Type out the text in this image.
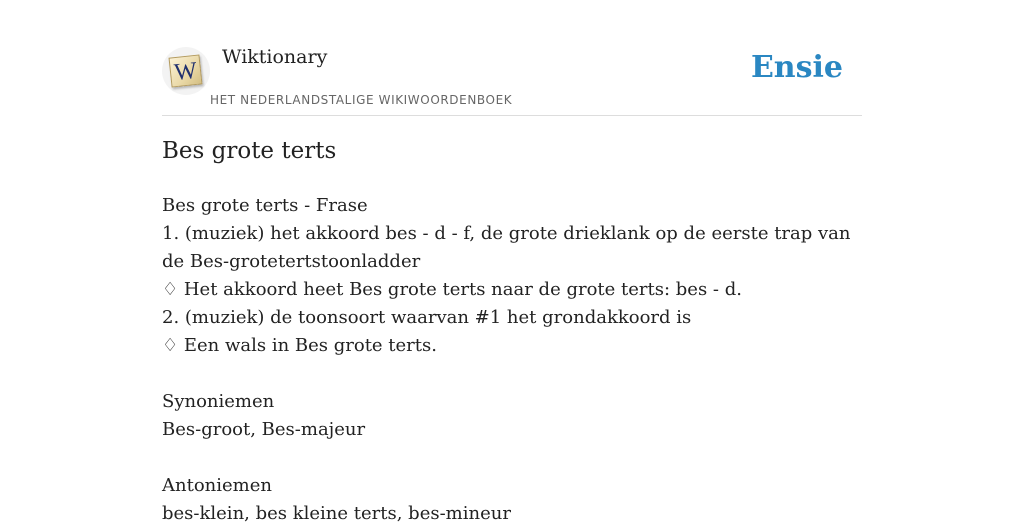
W
Wiktionary
HET NEDERLANDSTALIGE WIKIWOORDENBOEK
Ensie
Bes grote terts
Bes grote terts - Frase
1. (muziek) het akkoord bes - d - f, de grote drieklank op de eerste trap van de Bes-grotetertstoonladder
♢ Het akkoord heet Bes grote terts naar de grote terts: bes - d.
2. (muziek) de toonsoort waarvan #1 het grondakkoord is
♢ Een wals in Bes grote terts.
Synoniemen
Bes-groot, Bes-majeur
Antoniemen
bes-klein, bes kleine terts, bes-mineur
